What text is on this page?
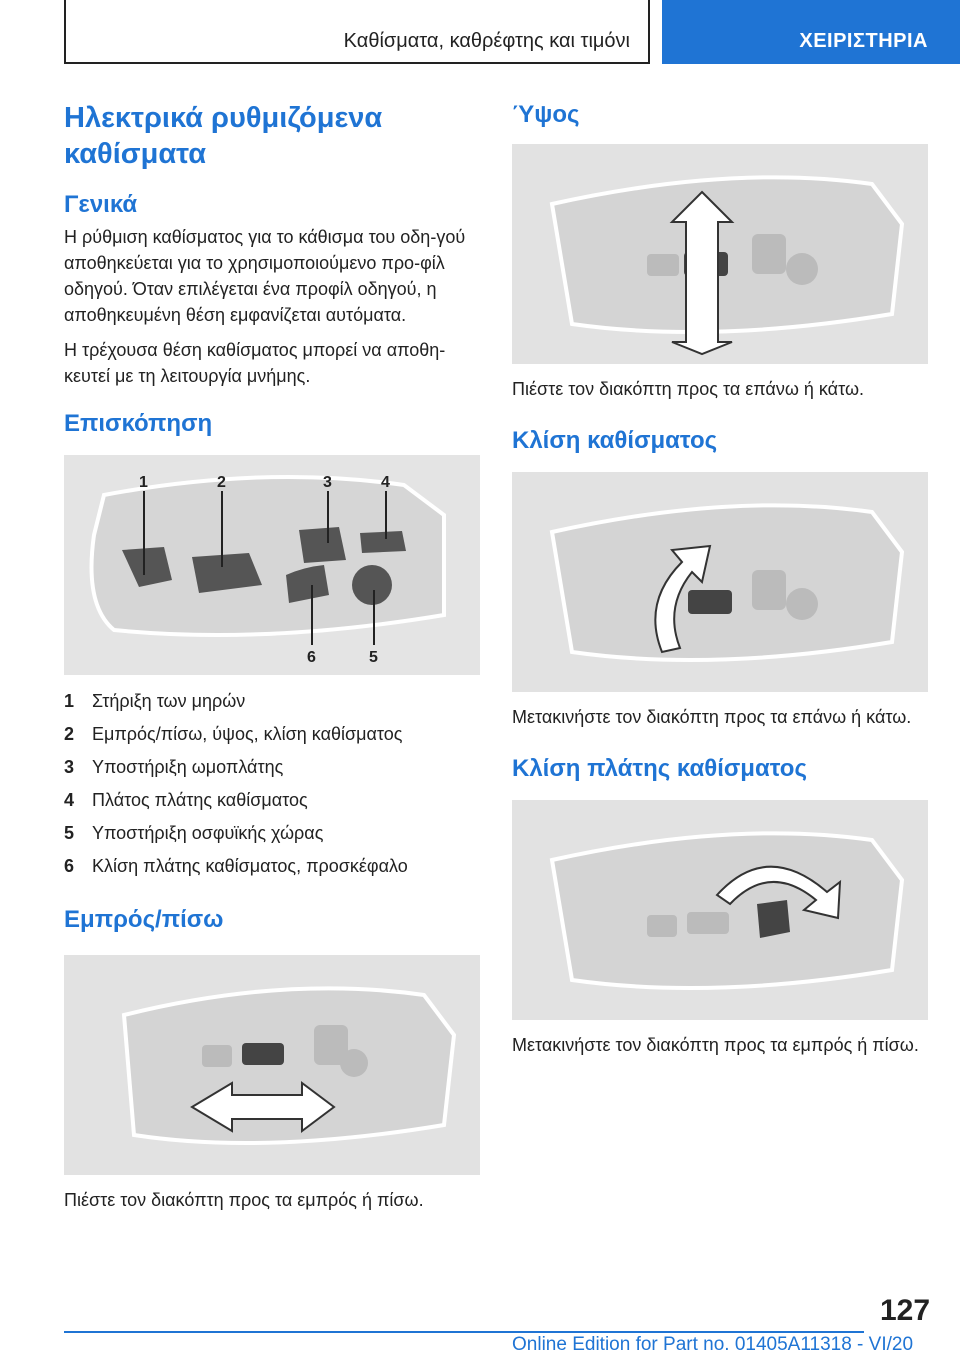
Καθίσματα, καθρέφτης και τιμόνι	ΧΕΙΡΙΣΤΗΡΙΑ
Ηλεκτρικά ρυθμιζόμενα καθίσματα
Γενικά

Η ρύθμιση καθίσματος για το κάθισμα του οδη-γού αποθηκεύεται για το χρησιμοποιούμενο προ-φίλ οδηγού. Όταν επιλέγεται ένα προφίλ οδηγού, η αποθηκευμένη θέση εμφανίζεται αυτόματα.

Η τρέχουσα θέση καθίσματος μπορεί να αποθη-κευτεί με τη λειτουργία μνήμης.

Επισκόπηση
1	2	3	4
6	5
1 Στήριξη των μηρών
2 Εμπρός/πίσω, ύψος, κλίση καθίσματος
3 Υποστήριξη ωμοπλάτης
4 Πλάτος πλάτης καθίσματος
5 Υποστήριξη οσφυϊκής χώρας
6 Κλίση πλάτης καθίσματος, προσκέφαλο
Εμπρός/πίσω

Πιέστε τον διακόπτη προς τα εμπρός ή πίσω.

Ύψος

Πιέστε τον διακόπτη προς τα επάνω ή κάτω.

Κλίση καθίσματος

Μετακινήστε τον διακόπτη προς τα επάνω ή κάτω.

Κλίση πλάτης καθίσματος

Μετακινήστε τον διακόπτη προς τα εμπρός ή πίσω.

127
Online Edition for Part no. 01405A11318 - VI/20
